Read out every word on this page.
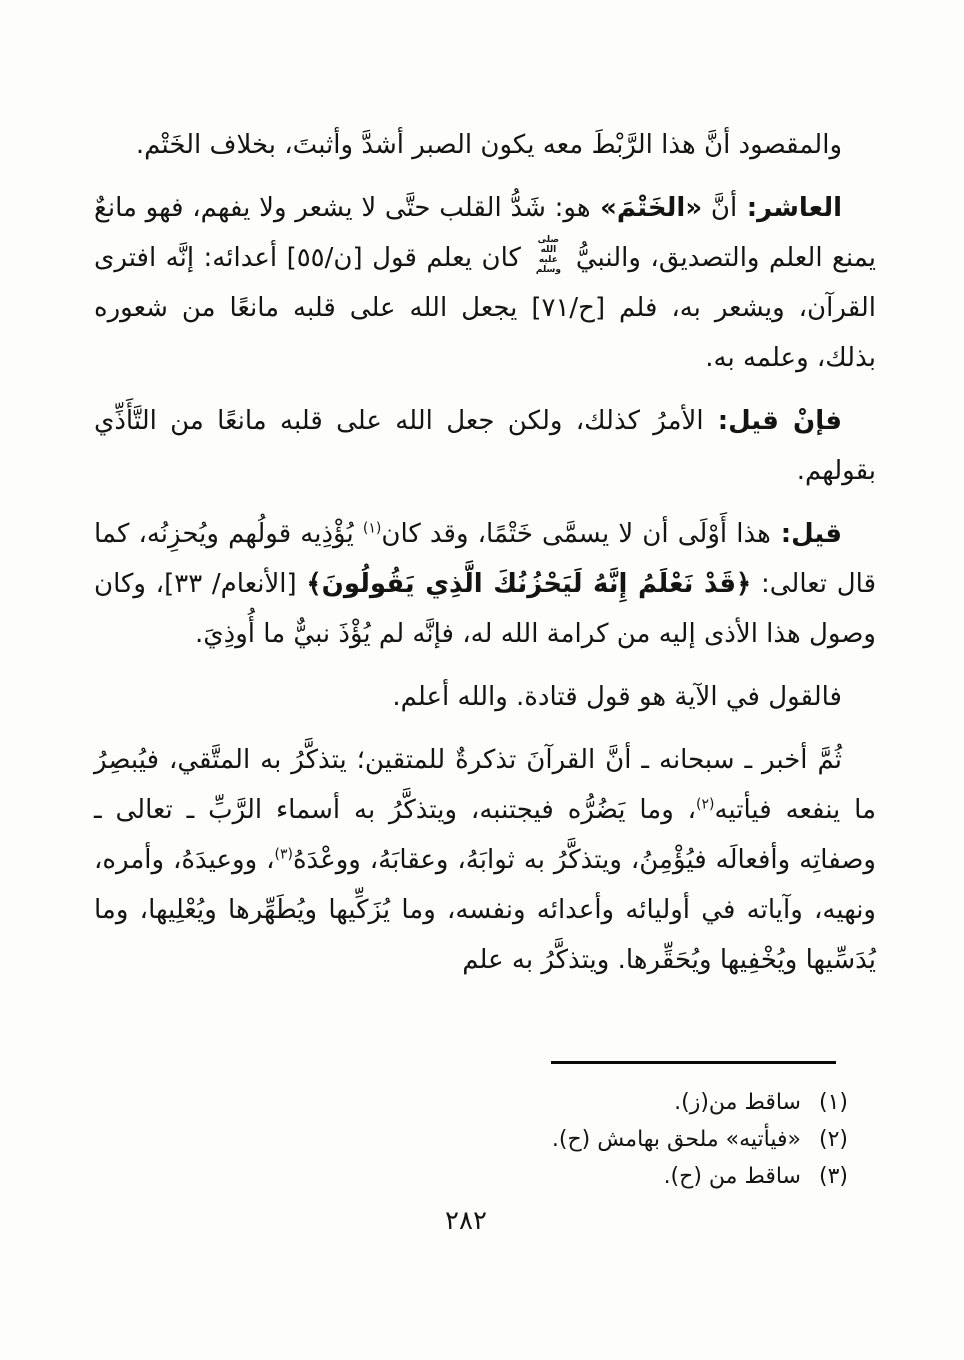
والمقصود أنَّ هذا الرَّبْطَ معه يكون الصبر أشدَّ وأثبتَ، بخلاف الخَتْم.

العاشر: أنَّ «الخَتْمَ» هو: شَدُّ القلب حتَّى لا يشعر ولا يفهم، فهو مانعٌ يمنع العلم والتصديق، والنبيُّ صلى الله عليه وسلم كان يعلم قول [ن/٥٥] أعدائه: إنَّه افترى القرآن، ويشعر به، فلم [ح/٧١] يجعل الله على قلبه مانعًا من شعوره بذلك، وعلمه به.

فإنْ قيل: الأمرُ كذلك، ولكن جعل الله على قلبه مانعًا من التَّأَذِّي بقولهم.

قيل: هذا أَوْلَى أن لا يسمَّى خَتْمًا، وقد كان$^{(١)}$ يُؤْذِيه قولُهم ويُحزِنُه، كما قال تعالى: ﴿قَدْ نَعْلَمُ إِنَّهُ لَيَحْزُنُكَ الَّذِي يَقُولُونَ﴾ [الأنعام/ ٣٣]، وكان وصول هذا الأذى إليه من كرامة الله له، فإنَّه لم يُؤْذَ نبيٌّ ما أُوذِيَ.

فالقول في الآية هو قول قتادة. والله أعلم.

ثُمَّ أخبر ـ سبحانه ـ أنَّ القرآنَ تذكرةٌ للمتقين؛ يتذكَّرُ به المتَّقي، فيُبصِرُ ما ينفعه فيأتيه$^{(٢)}$، وما يَضُرُّه فيجتنبه، ويتذكَّرُ به أسماء الرَّبِّ ـ تعالى ـ وصفاتِه وأفعالَه فيُؤْمِنُ، ويتذكَّرُ به ثوابَهُ، وعقابَهُ، ووعْدَهُ$^{(٣)}$، ووعيدَهُ، وأمره، ونهيه، وآياته في أوليائه وأعدائه ونفسه، وما يُزَكِّيها ويُطَهِّرها ويُعْلِيها، وما يُدَسِّيها ويُخْفِيها ويُحَقِّرها. ويتذكَّرُ به علم

(١)
ساقط من(ز).
(٢)
«فيأتيه» ملحق بهامش (ح).
(٣)
ساقط من (ح).
٢٨٢
